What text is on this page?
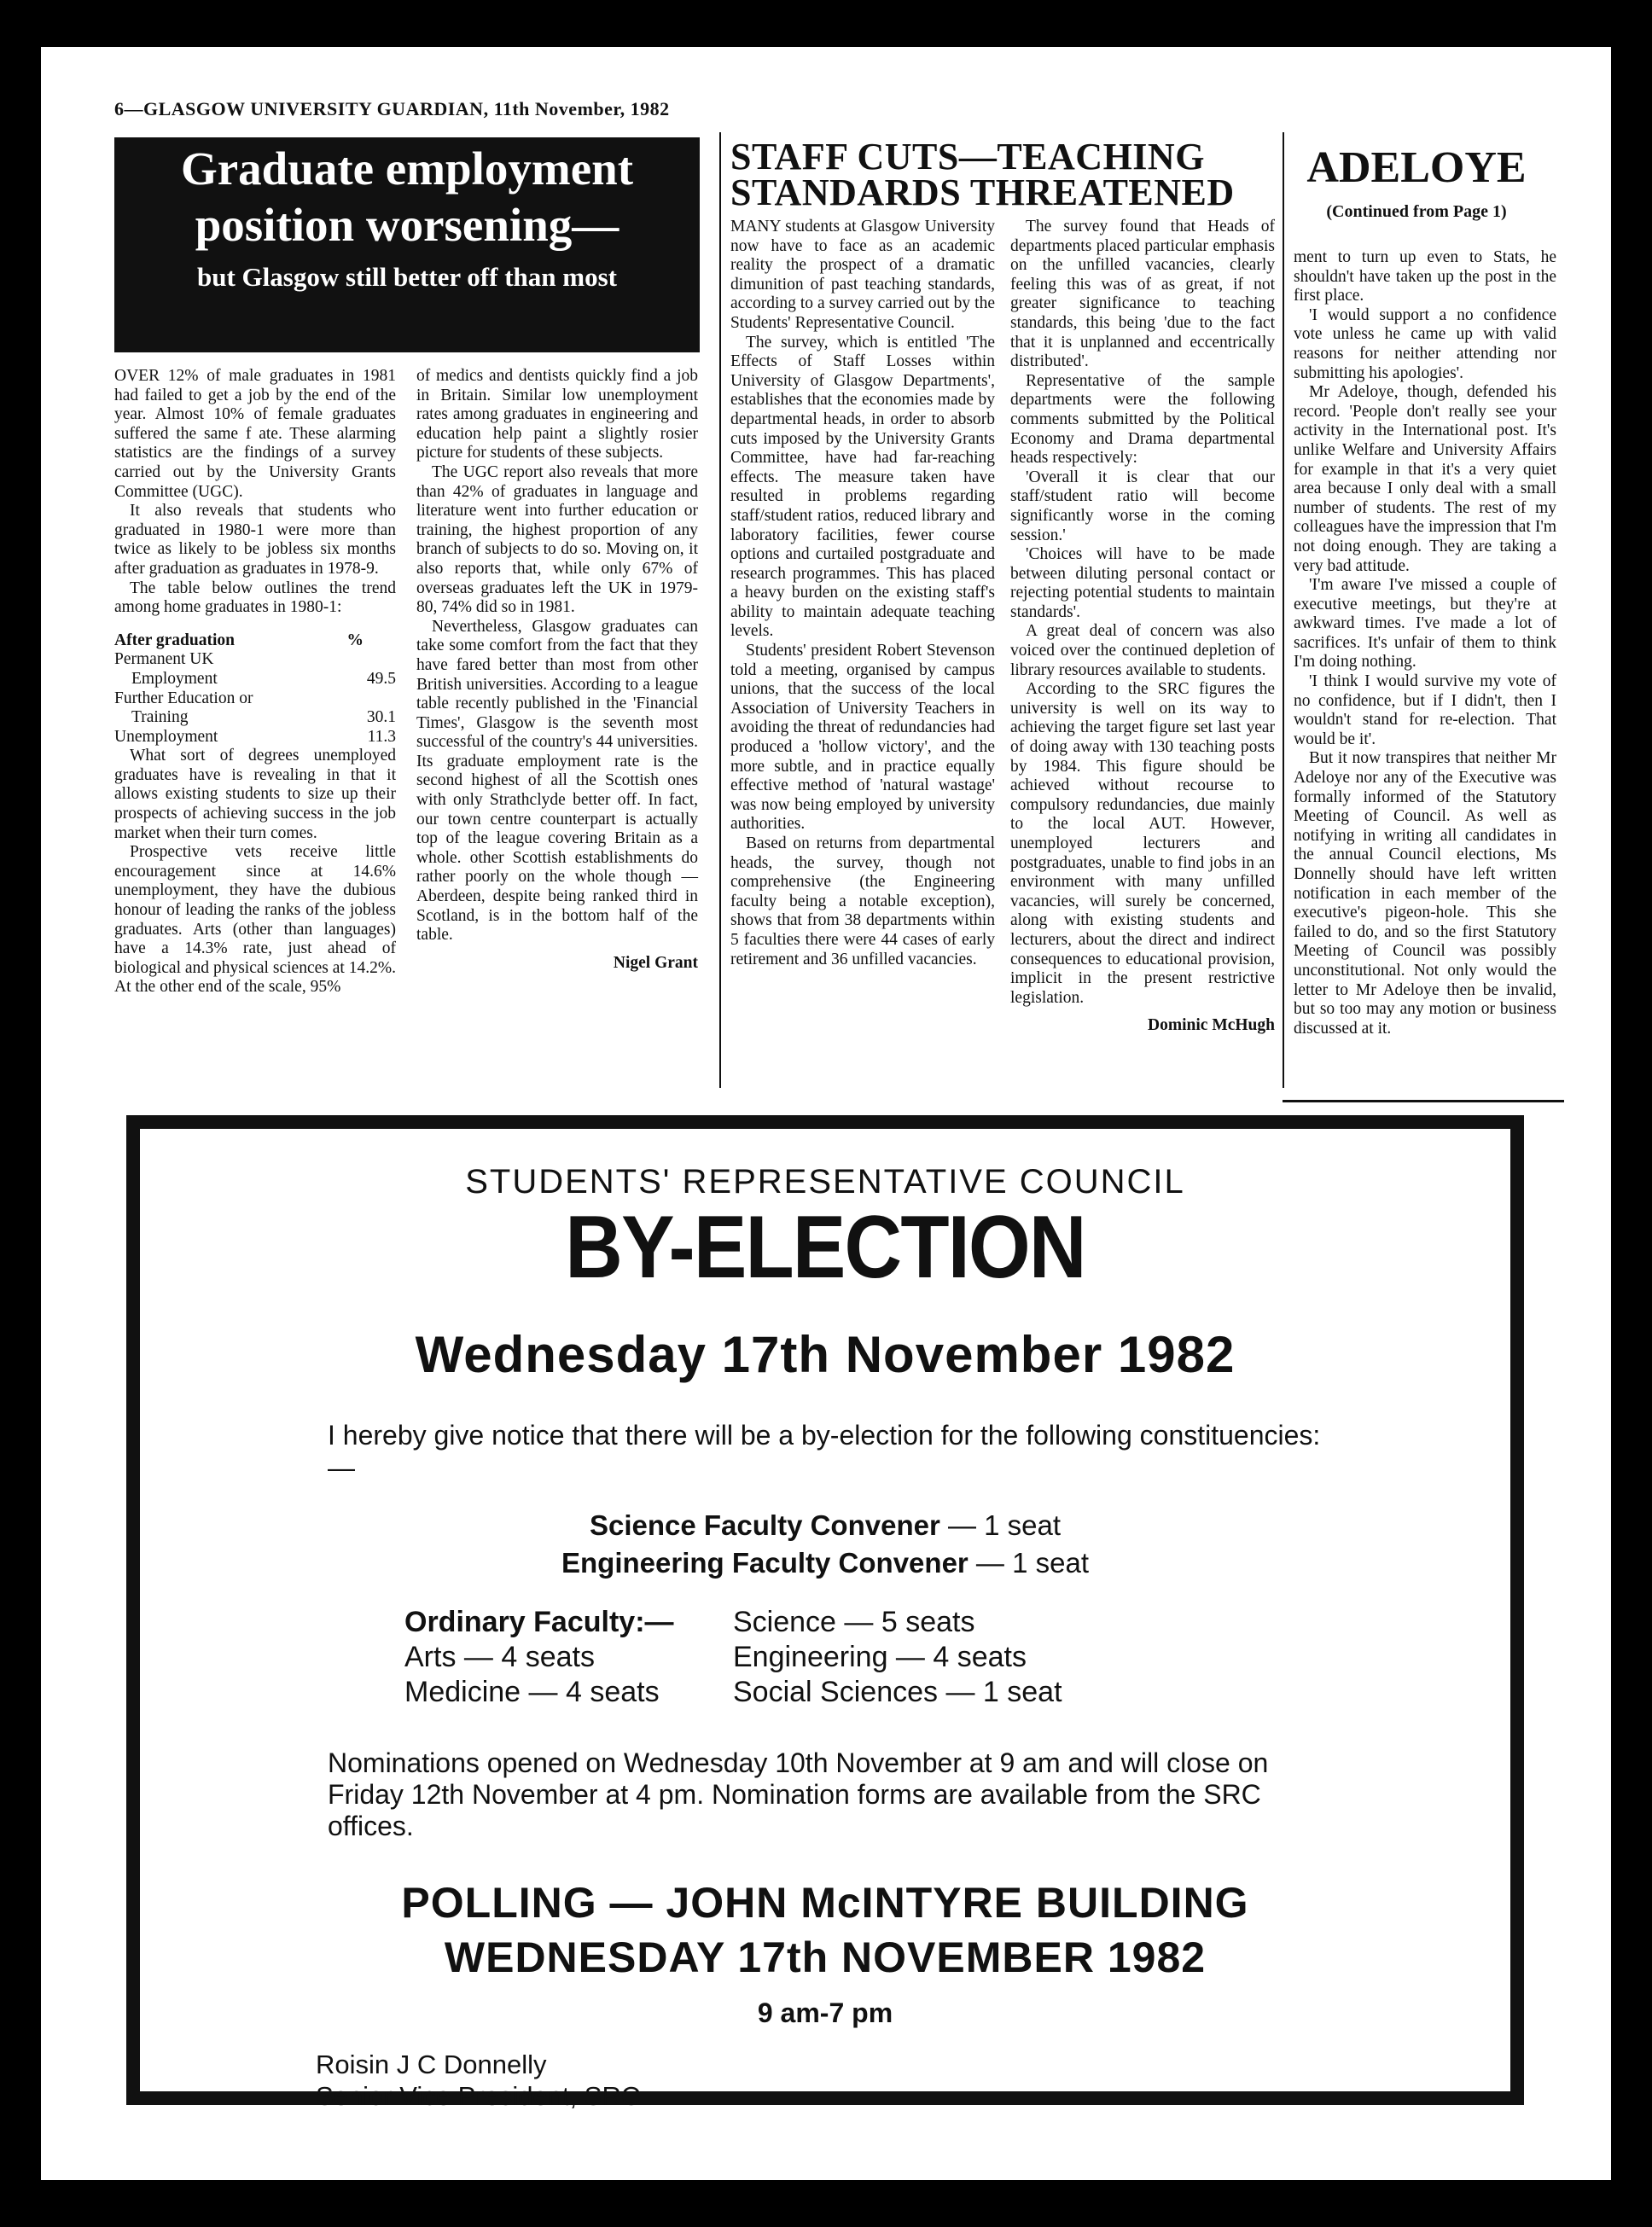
6—GLASGOW UNIVERSITY GUARDIAN, 11th November, 1982
Graduate employment
position worsening—
but Glasgow still better off than most

OVER 12% of male graduates in 1981 had failed to get a job by the end of the year. Almost 10% of female graduates suffered the same f ate. These alarming statistics are the findings of a survey carried out by the University Grants Committee (UGC).

It also reveals that students who graduated in 1980-1 were more than twice as likely to be jobless six months after graduation as graduates in 1978-9.

The table below outlines the trend among home graduates in 1980-1:

After graduation	%
Permanent UK
Employment	49.5
Further Education or
Training	30.1
Unemployment	11.3

What sort of degrees unemployed graduates have is revealing in that it allows existing students to size up their prospects of achieving success in the job market when their turn comes.

Prospective vets receive little encouragement since at 14.6% unemployment, they have the dubious honour of leading the ranks of the jobless graduates. Arts (other than languages) have a 14.3% rate, just ahead of biological and physical sciences at 14.2%. At the other end of the scale, 95%

of medics and dentists quickly find a job in Britain. Similar low unemployment rates among graduates in engineering and education help paint a slightly rosier picture for students of these subjects.

The UGC report also reveals that more than 42% of graduates in language and literature went into further education or training, the highest proportion of any branch of subjects to do so. Moving on, it also reports that, while only 67% of overseas graduates left the UK in 1979-80, 74% did so in 1981.

Nevertheless, Glasgow graduates can take some comfort from the fact that they have fared better than most from other British universities. According to a league table recently published in the 'Financial Times', Glasgow is the seventh most successful of the country's 44 universities. Its graduate employment rate is the second highest of all the Scottish ones with only Strathclyde better off. In fact, our town centre counterpart is actually top of the league covering Britain as a whole. other Scottish establishments do rather poorly on the whole though —Aberdeen, despite being ranked third in Scotland, is in the bottom half of the table.

Nigel Grant
STAFF CUTS—TEACHING
STANDARDS THREATENED

MANY students at Glasgow University now have to face as an academic reality the prospect of a dramatic dimunition of past teaching standards, according to a survey carried out by the Students' Representative Council.

The survey, which is entitled 'The Effects of Staff Losses within University of Glasgow Departments', establishes that the economies made by departmental heads, in order to absorb cuts imposed by the University Grants Committee, have had far-reaching effects. The measure taken have resulted in problems regarding staff/student ratios, reduced library and laboratory facilities, fewer course options and curtailed postgraduate and research programmes. This has placed a heavy burden on the existing staff's ability to maintain adequate teaching levels.

Students' president Robert Stevenson told a meeting, organised by campus unions, that the success of the local Association of University Teachers in avoiding the threat of redundancies had produced a 'hollow victory', and the more subtle, and in practice equally effective method of 'natural wastage' was now being employed by university authorities.

Based on returns from departmental heads, the survey, though not comprehensive (the Engineering faculty being a notable exception), shows that from 38 departments within 5 faculties there were 44 cases of early retirement and 36 unfilled vacancies.

The survey found that Heads of departments placed particular emphasis on the unfilled vacancies, clearly feeling this was of as great, if not greater significance to teaching standards, this being 'due to the fact that it is unplanned and eccentrically distributed'.

Representative of the sample departments were the following comments submitted by the Political Economy and Drama departmental heads respectively:

'Overall it is clear that our staff/student ratio will become significantly worse in the coming session.'

'Choices will have to be made between diluting personal contact or rejecting potential students to maintain standards'.

A great deal of concern was also voiced over the continued depletion of library resources available to students.

According to the SRC figures the university is well on its way to achieving the target figure set last year of doing away with 130 teaching posts by 1984. This figure should be achieved without recourse to compulsory redundancies, due mainly to the local AUT. However, unemployed lecturers and postgraduates, unable to find jobs in an environment with many unfilled vacancies, will surely be concerned, along with existing students and lecturers, about the direct and indirect consequences to educational provision, implicit in the present restrictive legislation.

Dominic McHugh
ADELOYE
(Continued from Page 1)

ment to turn up even to Stats, he shouldn't have taken up the post in the first place.

'I would support a no confidence vote unless he came up with valid reasons for neither attending nor submitting his apologies'.

Mr Adeloye, though, defended his record. 'People don't really see your activity in the International post. It's unlike Welfare and University Affairs for example in that it's a very quiet area because I only deal with a small number of students. The rest of my colleagues have the impression that I'm not doing enough. They are taking a very bad attitude.

'I'm aware I've missed a couple of executive meetings, but they're at awkward times. I've made a lot of sacrifices. It's unfair of them to think I'm doing nothing.

'I think I would survive my vote of no confidence, but if I didn't, then I wouldn't stand for re-election. That would be it'.

But it now transpires that neither Mr Adeloye nor any of the Executive was formally informed of the Statutory Meeting of Council. As well as notifying in writing all candidates in the annual Council elections, Ms Donnelly should have left written notification in each member of the executive's pigeon-hole. This she failed to do, and so the first Statutory Meeting of Council was possibly unconstitutional. Not only would the letter to Mr Adeloye then be invalid, but so too may any motion or business discussed at it.

STUDENTS' REPRESENTATIVE COUNCIL
BY-ELECTION
Wednesday 17th November 1982
I hereby give notice that there will be a by-election for the following constituencies:—
Science Faculty Convener — 1 seat
Engineering Faculty Convener — 1 seat
Ordinary Faculty:—	Science — 5 seats
Arts — 4 seats	Engineering — 4 seats
Medicine — 4 seats	Social Sciences — 1 seat
Nominations opened on Wednesday 10th November at 9 am and will close on Friday 12th November at 4 pm. Nomination forms are available from the SRC offices.
POLLING — JOHN McINTYRE BUILDING
WEDNESDAY 17th NOVEMBER 1982
9 am-7 pm
Roisin J C Donnelly
Senior Vice President, SRC
